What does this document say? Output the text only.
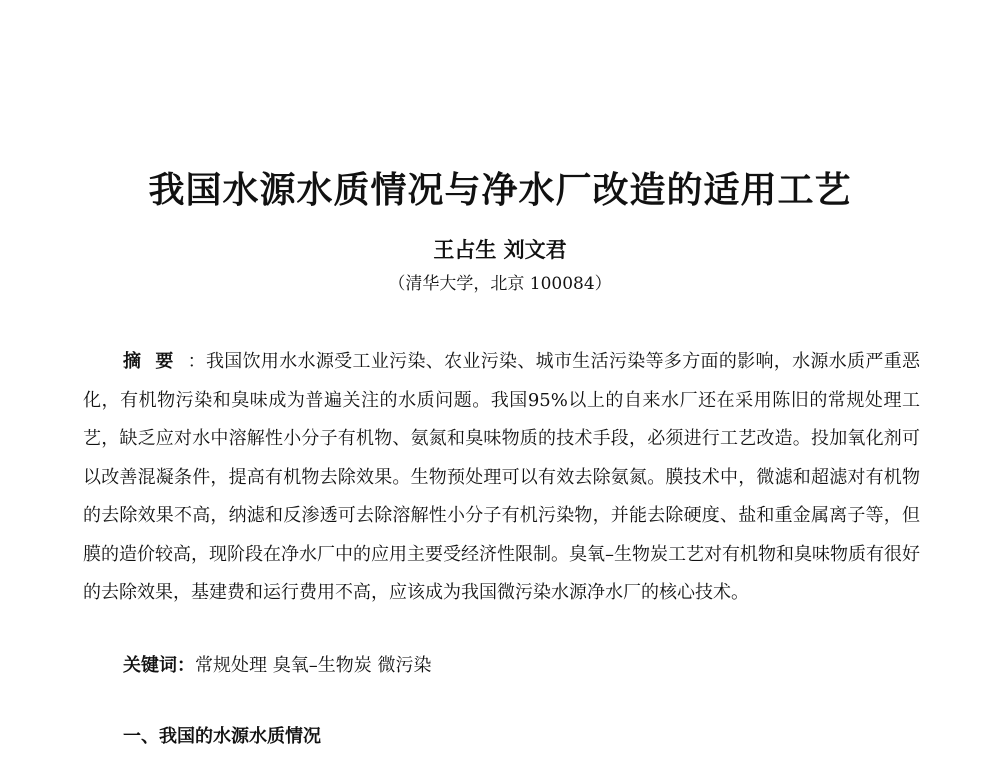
我国水源水质情况与净水厂改造的适用工艺
王占生 刘文君
（清华大学，北京 100084）

摘要：我国饮用水水源受工业污染、农业污染、城市生活污染等多方面的影响，水源水质严重恶化，有机物污染和臭味成为普遍关注的水质问题。我国95%以上的自来水厂还在采用陈旧的常规处理工艺，缺乏应对水中溶解性小分子有机物、氨氮和臭味物质的技术手段，必须进行工艺改造。投加氧化剂可以改善混凝条件，提高有机物去除效果。生物预处理可以有效去除氨氮。膜技术中，微滤和超滤对有机物的去除效果不高，纳滤和反渗透可去除溶解性小分子有机污染物，并能去除硬度、盐和重金属离子等，但膜的造价较高，现阶段在净水厂中的应用主要受经济性限制。臭氧–生物炭工艺对有机物和臭味物质有很好的去除效果，基建费和运行费用不高，应该成为我国微污染水源净水厂的核心技术。

关键词：常规处理 臭氧–生物炭 微污染

一、我国的水源水质情况
